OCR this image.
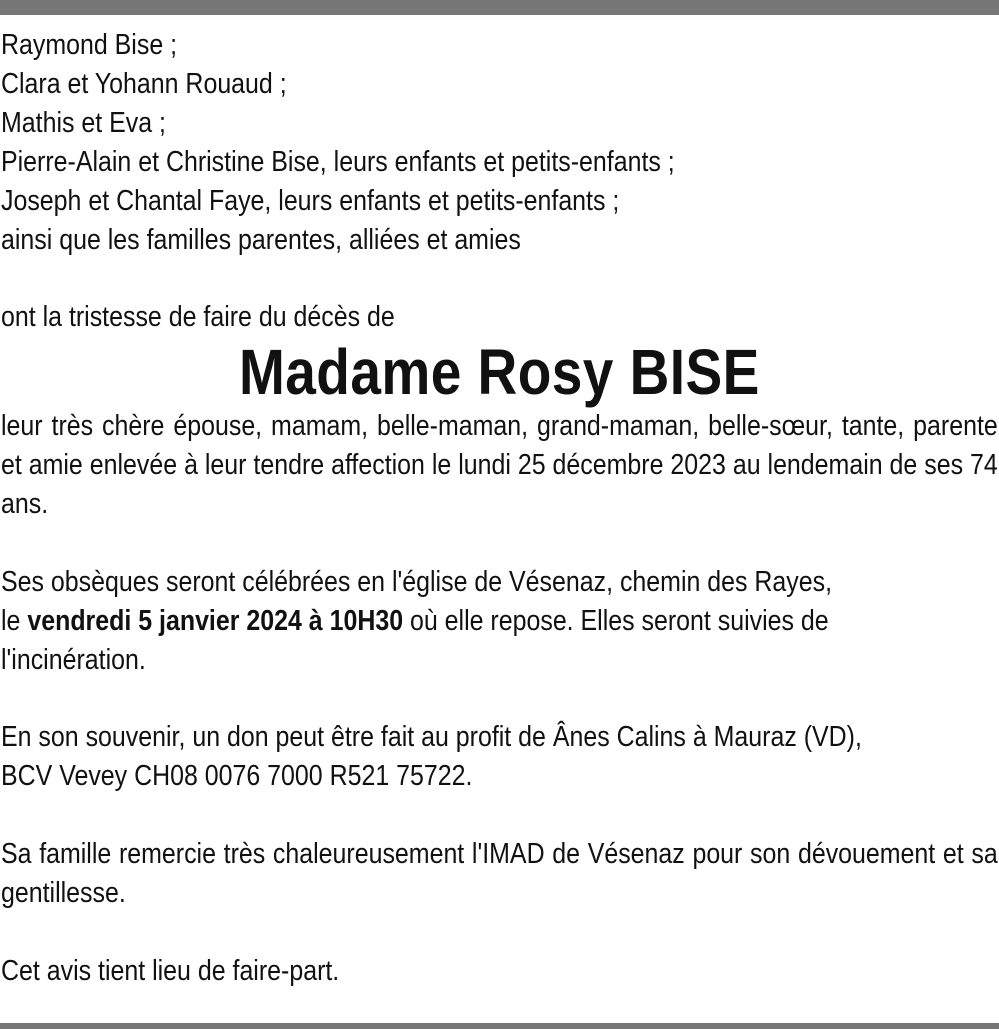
Raymond Bise ;
Clara et Yohann Rouaud ;
Mathis et Eva ;
Pierre-Alain et Christine Bise, leurs enfants et petits-enfants ;
Joseph et Chantal Faye, leurs enfants et petits-enfants ;
ainsi que les familles parentes, alliées et amies

ont la tristesse de faire du décès de

Madame Rosy BISE

leur très chère épouse, mamam, belle-maman, grand-maman, belle-sœur, tante, parente et amie enlevée à leur tendre affection le lundi 25 décembre 2023 au lendemain de ses 74 ans.

Ses obsèques seront célébrées en l'église de Vésenaz, chemin des Rayes,
le vendredi 5 janvier 2024 à 10H30 où elle repose. Elles seront suivies de
l'incinération.

En son souvenir, un don peut être fait au profit de Ânes Calins à Mauraz (VD),
BCV Vevey CH08 0076 7000 R521 75722.

Sa famille remercie très chaleureusement l'IMAD de Vésenaz pour son dévouement et sa gentillesse.

Cet avis tient lieu de faire-part.
